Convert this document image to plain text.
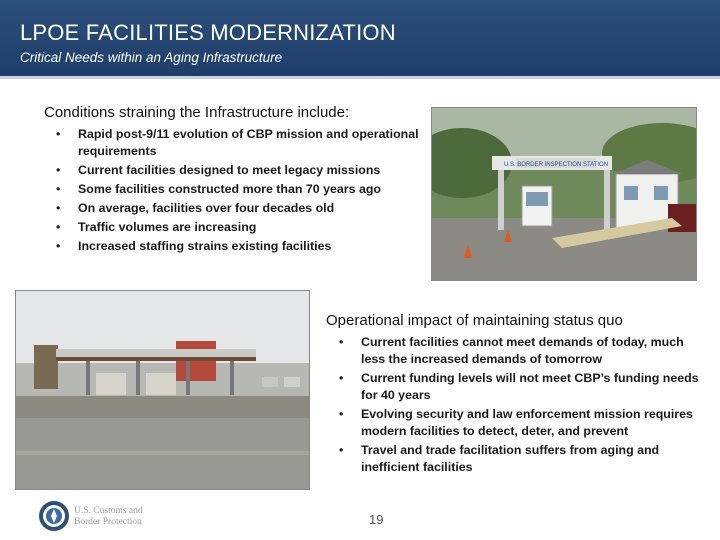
LPOE FACILITIES MODERNIZATION
Critical Needs within an Aging Infrastructure
Conditions straining the Infrastructure include:
• Rapid post-9/11 evolution of CBP mission and operational requirements
• Current facilities designed to meet legacy missions
• Some facilities constructed more than 70 years ago
• On average, facilities over four decades old
• Traffic volumes are increasing
• Increased staffing strains existing facilities
U.S. BORDER INSPECTION STATION
Operational impact of maintaining status quo
• Current facilities cannot meet demands of today, much less the increased demands of tomorrow
• Current funding levels will not meet CBP’s funding needs for 40 years
• Evolving security and law enforcement mission requires modern facilities to detect, deter, and prevent
• Travel and trade facilitation suffers from aging and inefficient facilities
U.S. Customs and
Border Protection	19
